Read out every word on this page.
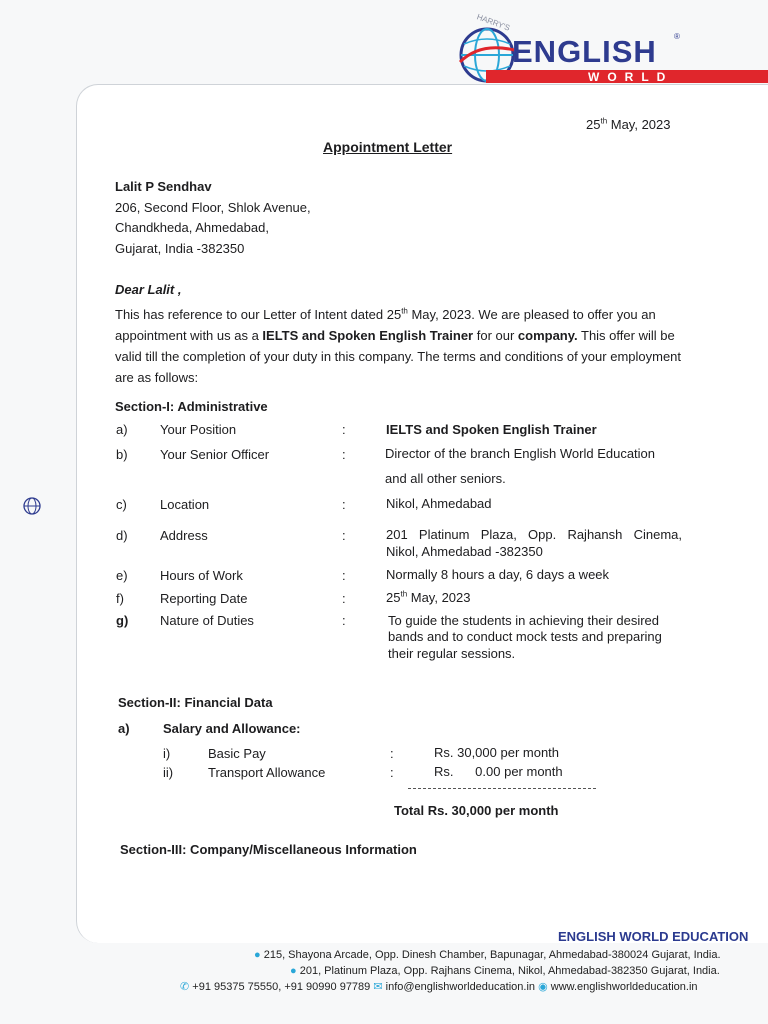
HARRY'S
ENGLISH ®
WORLD
25th May, 2023
Appointment Letter
Lalit P Sendhav
206, Second Floor, Shlok Avenue,
Chandkheda, Ahmedabad,
Gujarat, India -382350
Dear Lalit ,
This has reference to our Letter of Intent dated 25th May, 2023. We are pleased to offer you an appointment with us as a IELTS and Spoken English Trainer for our company. This offer will be valid till the completion of your duty in this company. The terms and conditions of your employment are as follows:
Section-I: Administrative
a) Your Position	:	IELTS and Spoken English Trainer
b) Your Senior Officer	:	Director of the branch English World Education
and all other seniors.
c)	Location	:	Nikol, Ahmedabad
d) Address	:	201 Platinum Plaza, Opp. Rajhansh Cinema,
Nikol, Ahmedabad -382350
e) Hours of Work	:	Normally 8 hours a day, 6 days a week
f)	Reporting Date	:	25th May, 2023
g) Nature of Duties	:	To guide the students in achieving their desired
bands and to conduct mock tests and preparing
their regular sessions.
Section-II: Financial Data
a)	Salary and Allowance:
i)	Basic Pay	:	Rs. 30,000 per month
ii)	Transport Allowance	:	Rs.      0.00 per month
Total Rs. 30,000 per month
Section-III: Company/Miscellaneous Information
ENGLISH WORLD EDUCATION
● 215, Shayona Arcade, Opp. Dinesh Chamber, Bapunagar, Ahmedabad-380024 Gujarat, India.
● 201, Platinum Plaza, Opp. Rajhans Cinema, Nikol, Ahmedabad-382350 Gujarat, India.
✆ +91 95375 75550, +91 90990 97789 ✉ info@englishworldeducation.in ◉ www.englishworldeducation.in
